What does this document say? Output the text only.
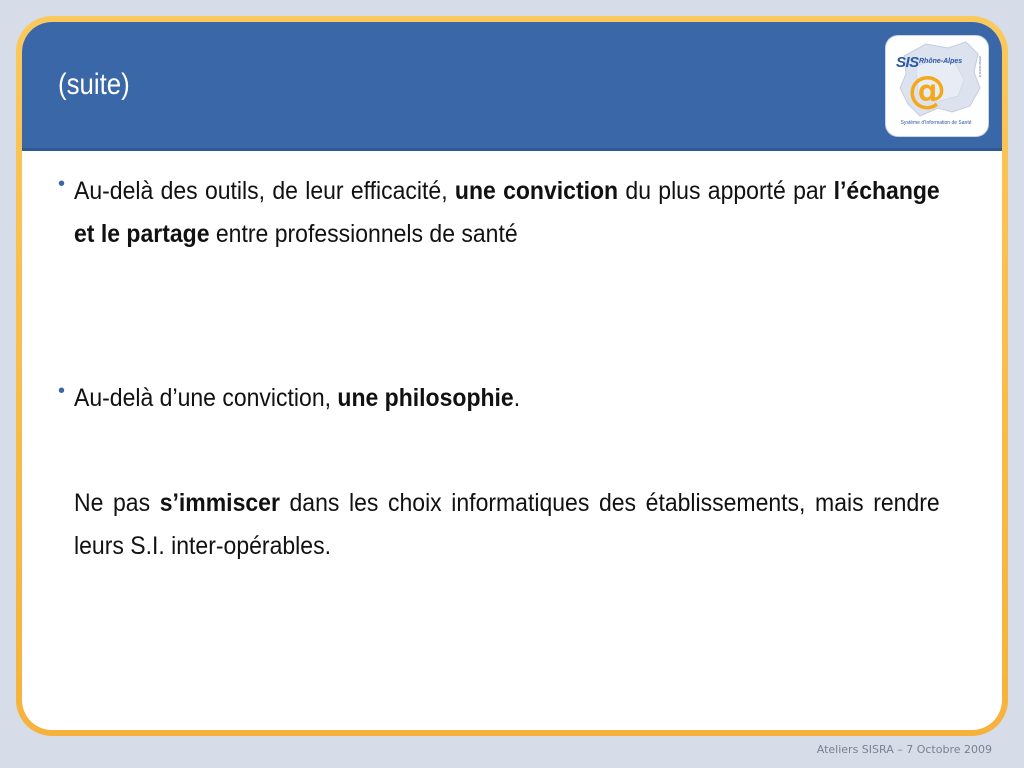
(suite)
SIS Rhône-Alpes
@
Système d'Information de Santé
www.sisra.fr
• Au-delà des outils, de leur efficacité, une conviction du plus apporté par l’échange et le partage entre professionnels de santé

• Au-delà d’une conviction, une philosophie.

Ne pas s’immiscer dans les choix informatiques des établissements, mais rendre leurs S.I. inter-opérables.

Ateliers SISRA – 7 Octobre 2009
